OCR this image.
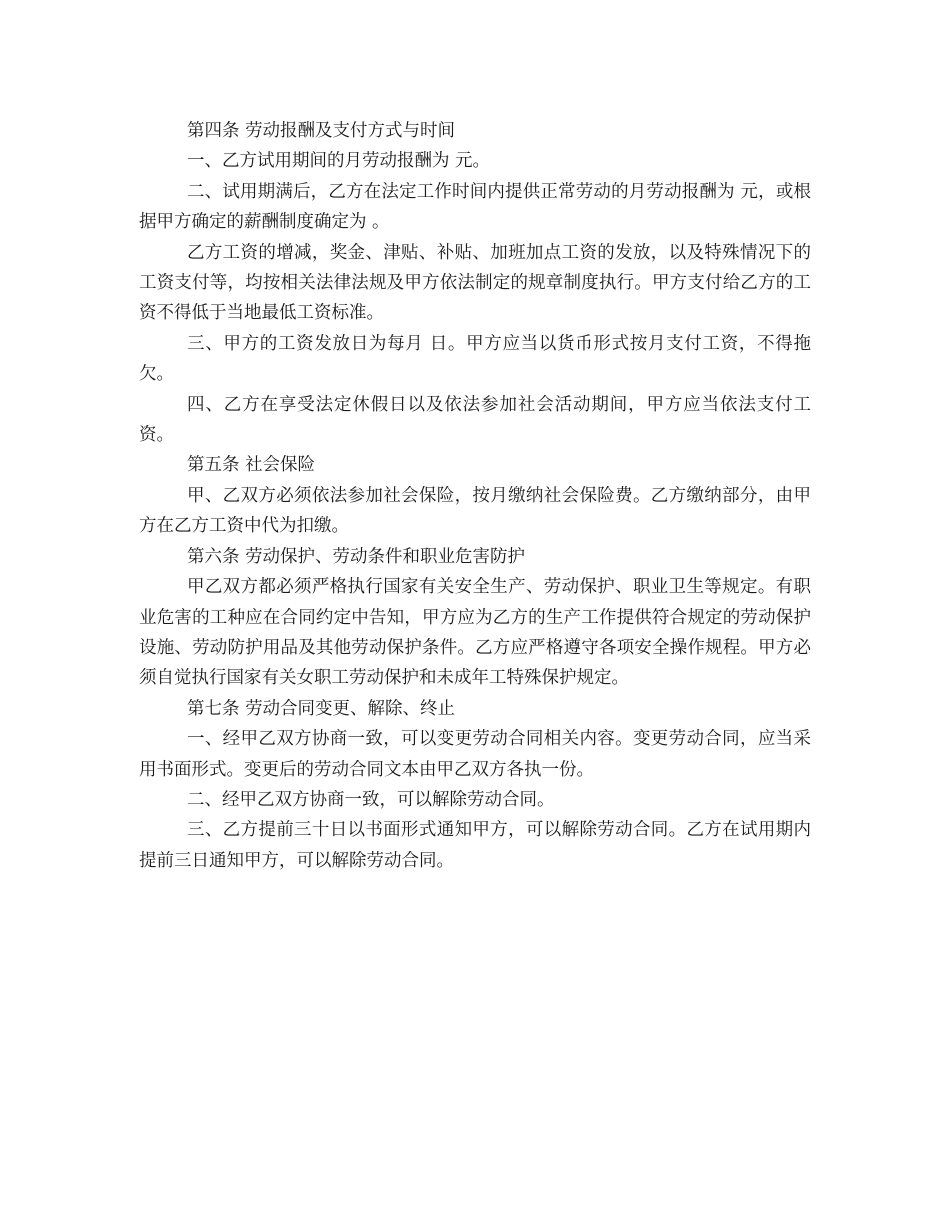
第四条 劳动报酬及支付方式与时间

一、乙方试用期间的月劳动报酬为 元。

二、试用期满后，乙方在法定工作时间内提供正常劳动的月劳动报酬为 元，或根据甲方确定的薪酬制度确定为 。

乙方工资的增减，奖金、津贴、补贴、加班加点工资的发放，以及特殊情况下的工资支付等，均按相关法律法规及甲方依法制定的规章制度执行。甲方支付给乙方的工资不得低于当地最低工资标准。

三、甲方的工资发放日为每月 日。甲方应当以货币形式按月支付工资，不得拖欠。

四、乙方在享受法定休假日以及依法参加社会活动期间，甲方应当依法支付工资。

第五条 社会保险

甲、乙双方必须依法参加社会保险，按月缴纳社会保险费。乙方缴纳部分，由甲方在乙方工资中代为扣缴。

第六条 劳动保护、劳动条件和职业危害防护

甲乙双方都必须严格执行国家有关安全生产、劳动保护、职业卫生等规定。有职业危害的工种应在合同约定中告知，甲方应为乙方的生产工作提供符合规定的劳动保护设施、劳动防护用品及其他劳动保护条件。乙方应严格遵守各项安全操作规程。甲方必须自觉执行国家有关女职工劳动保护和未成年工特殊保护规定。

第七条 劳动合同变更、解除、终止

一、经甲乙双方协商一致，可以变更劳动合同相关内容。变更劳动合同，应当采用书面形式。变更后的劳动合同文本由甲乙双方各执一份。

二、经甲乙双方协商一致，可以解除劳动合同。

三、乙方提前三十日以书面形式通知甲方，可以解除劳动合同。乙方在试用期内提前三日通知甲方，可以解除劳动合同。
